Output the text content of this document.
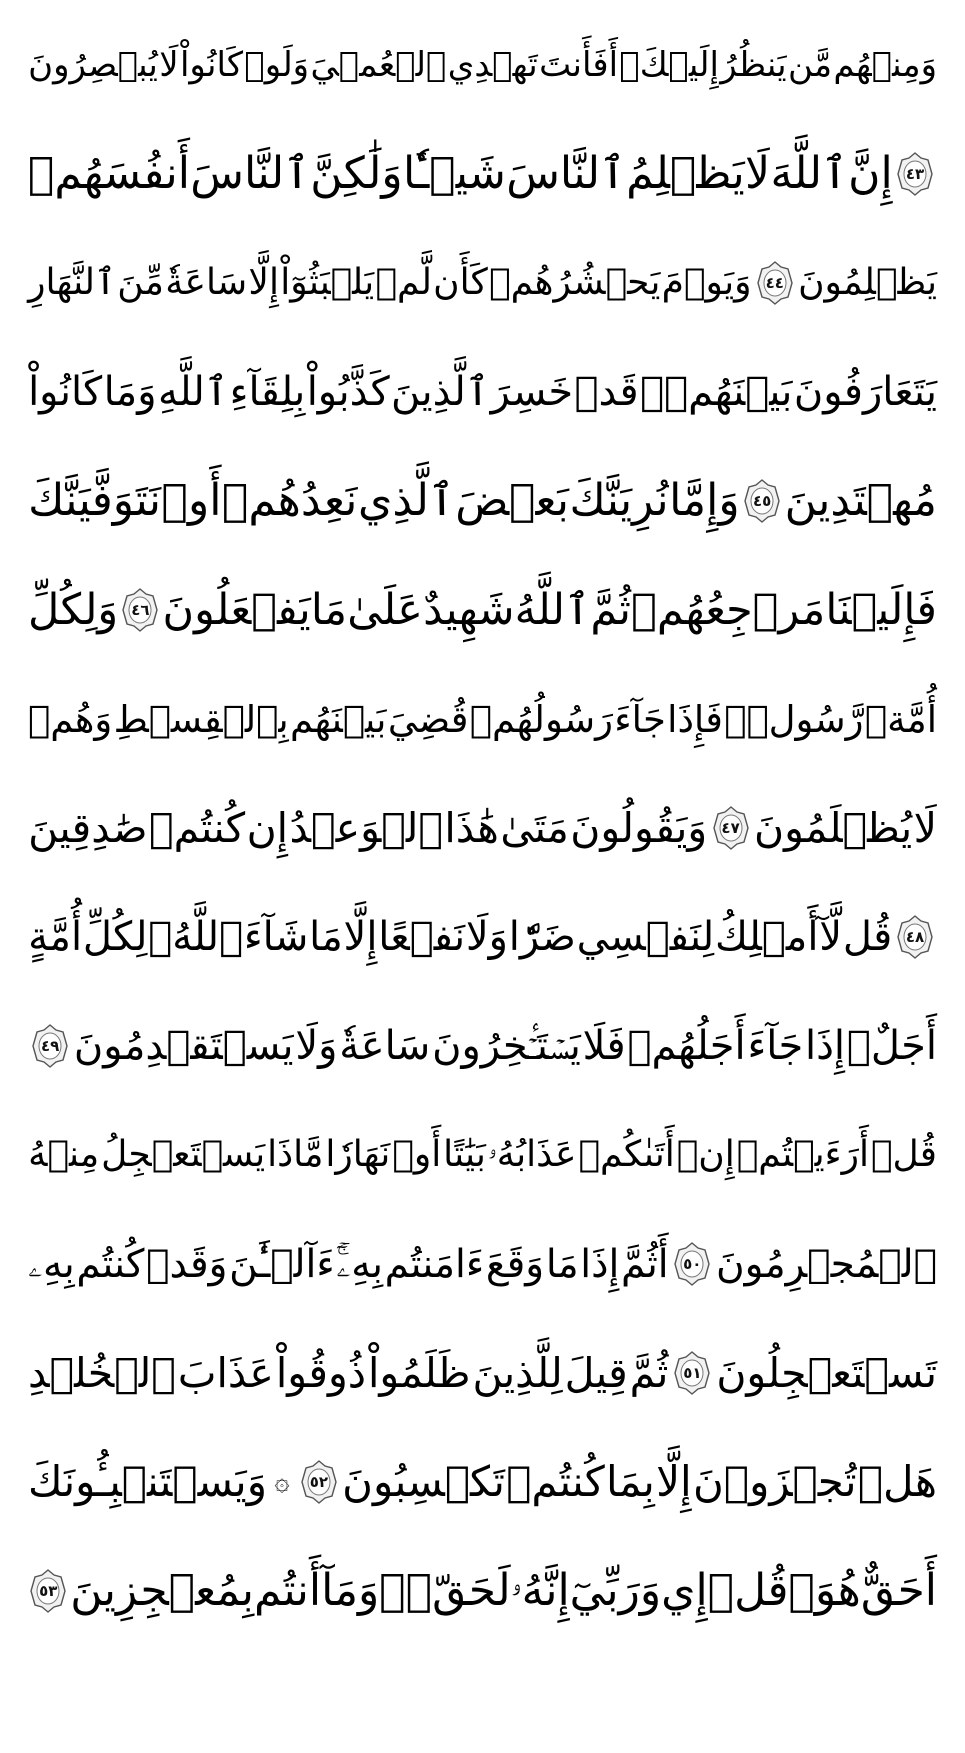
وَمِنۡهُم
مَّن
يَنظُرُ
إِلَيۡكَۚ
أَفَأَنتَ
تَهۡدِي
ٱلۡعُمۡيَ
وَلَوۡ
كَانُواْ
لَا
يُبۡصِرُونَ
٤٣
إِنَّ
ٱللَّهَ
لَا
يَظۡلِمُ
ٱلنَّاسَ
شَيۡـٔٗا
وَلَٰكِنَّ
ٱلنَّاسَ
أَنفُسَهُمۡ
يَظۡلِمُونَ
٤٤
وَيَوۡمَ
يَحۡشُرُهُمۡ
كَأَن
لَّمۡ
يَلۡبَثُوٓاْ
إِلَّا
سَاعَةٗ
مِّنَ
ٱلنَّهَارِ
يَتَعَارَفُونَ
بَيۡنَهُمۡۚ
قَدۡ
خَسِرَ
ٱلَّذِينَ
كَذَّبُواْ
بِلِقَآءِ
ٱللَّهِ
وَمَا
كَانُواْ
مُهۡتَدِينَ
٤٥
وَإِمَّا
نُرِيَنَّكَ
بَعۡضَ
ٱلَّذِي
نَعِدُهُمۡ
أَوۡ
نَتَوَفَّيَنَّكَ
فَإِلَيۡنَا
مَرۡجِعُهُمۡ
ثُمَّ
ٱللَّهُ
شَهِيدٌ
عَلَىٰ
مَا
يَفۡعَلُونَ
٤٦
وَلِكُلِّ
أُمَّةٖ
رَّسُولٞۖ
فَإِذَا
جَآءَ
رَسُولُهُمۡ
قُضِيَ
بَيۡنَهُم
بِٱلۡقِسۡطِ
وَهُمۡ
لَا
يُظۡلَمُونَ
٤٧
وَيَقُولُونَ
مَتَىٰ
هَٰذَا
ٱلۡوَعۡدُ
إِن
كُنتُمۡ
صَٰدِقِينَ
٤٨
قُل
لَّآ
أَمۡلِكُ
لِنَفۡسِي
ضَرّٗا
وَلَا
نَفۡعًا
إِلَّا
مَا
شَآءَ
ٱللَّهُۗ
لِكُلِّ
أُمَّةٍ
أَجَلٌۚ
إِذَا
جَآءَ
أَجَلُهُمۡ
فَلَا
يَسۡتَـٔۡخِرُونَ
سَاعَةٗ
وَلَا
يَسۡتَقۡدِمُونَ
٤٩
قُلۡ
أَرَءَيۡتُمۡ
إِنۡ
أَتَىٰكُمۡ
عَذَابُهُۥ
بَيَٰتًا
أَوۡ
نَهَارٗا
مَّاذَا
يَسۡتَعۡجِلُ
مِنۡهُ
ٱلۡمُجۡرِمُونَ
٥٠
أَثُمَّ
إِذَا
مَا
وَقَعَ
ءَامَنتُم
بِهِۦٓۚ
ءَآلۡـَٰٔنَ
وَقَدۡ
كُنتُم
بِهِۦ
تَسۡتَعۡجِلُونَ
٥١
ثُمَّ
قِيلَ
لِلَّذِينَ
ظَلَمُواْ
ذُوقُواْ
عَذَابَ
ٱلۡخُلۡدِ
هَلۡ
تُجۡزَوۡنَ
إِلَّا
بِمَا
كُنتُمۡ
تَكۡسِبُونَ
٥٢
۞
وَيَسۡتَنۢبِـُٔونَكَ
أَحَقٌّ
هُوَۖ
قُلۡ
إِي
وَرَبِّيٓ
إِنَّهُۥ
لَحَقّٞۖ
وَمَآ
أَنتُم
بِمُعۡجِزِينَ
٥٣
